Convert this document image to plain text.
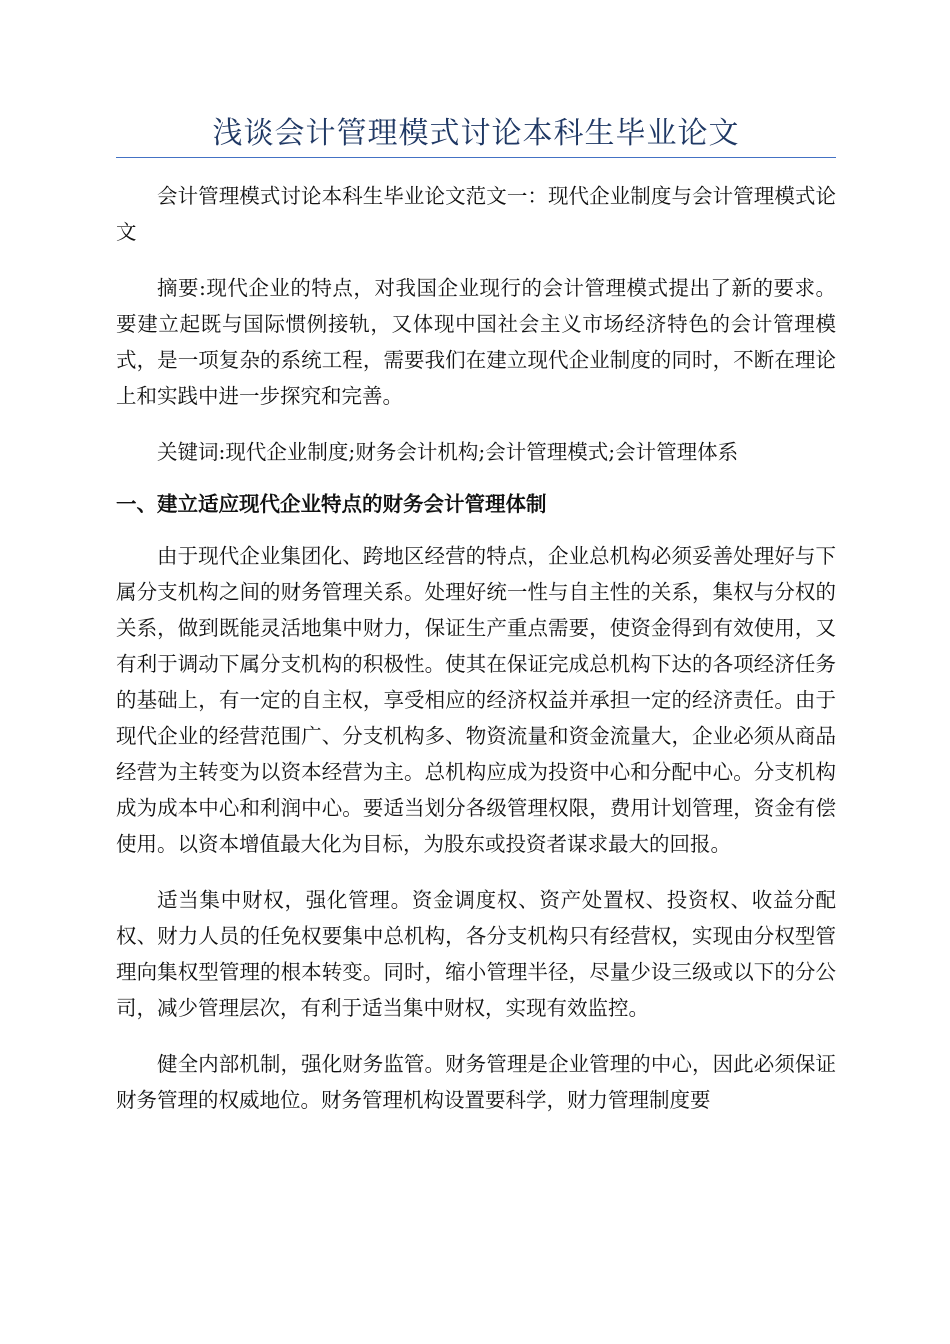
浅谈会计管理模式讨论本科生毕业论文

会计管理模式讨论本科生毕业论文范文一：现代企业制度与会计管理模式论文

摘要:现代企业的特点，对我国企业现行的会计管理模式提出了新的要求。要建立起既与国际惯例接轨，又体现中国社会主义市场经济特色的会计管理模式，是一项复杂的系统工程，需要我们在建立现代企业制度的同时，不断在理论上和实践中进一步探究和完善。

关键词:现代企业制度;财务会计机构;会计管理模式;会计管理体系

一、建立适应现代企业特点的财务会计管理体制

由于现代企业集团化、跨地区经营的特点，企业总机构必须妥善处理好与下属分支机构之间的财务管理关系。处理好统一性与自主性的关系，集权与分权的关系，做到既能灵活地集中财力，保证生产重点需要，使资金得到有效使用，又有利于调动下属分支机构的积极性。使其在保证完成总机构下达的各项经济任务的基础上，有一定的自主权，享受相应的经济权益并承担一定的经济责任。由于现代企业的经营范围广、分支机构多、物资流量和资金流量大，企业必须从商品经营为主转变为以资本经营为主。总机构应成为投资中心和分配中心。分支机构成为成本中心和利润中心。要适当划分各级管理权限，费用计划管理，资金有偿使用。以资本增值最大化为目标，为股东或投资者谋求最大的回报。

适当集中财权，强化管理。资金调度权、资产处置权、投资权、收益分配权、财力人员的任免权要集中总机构，各分支机构只有经营权，实现由分权型管理向集权型管理的根本转变。同时，缩小管理半径，尽量少设三级或以下的分公司，减少管理层次，有利于适当集中财权，实现有效监控。

健全内部机制，强化财务监管。财务管理是企业管理的中心，因此必须保证财务管理的权威地位。财务管理机构设置要科学，财力管理制度要
